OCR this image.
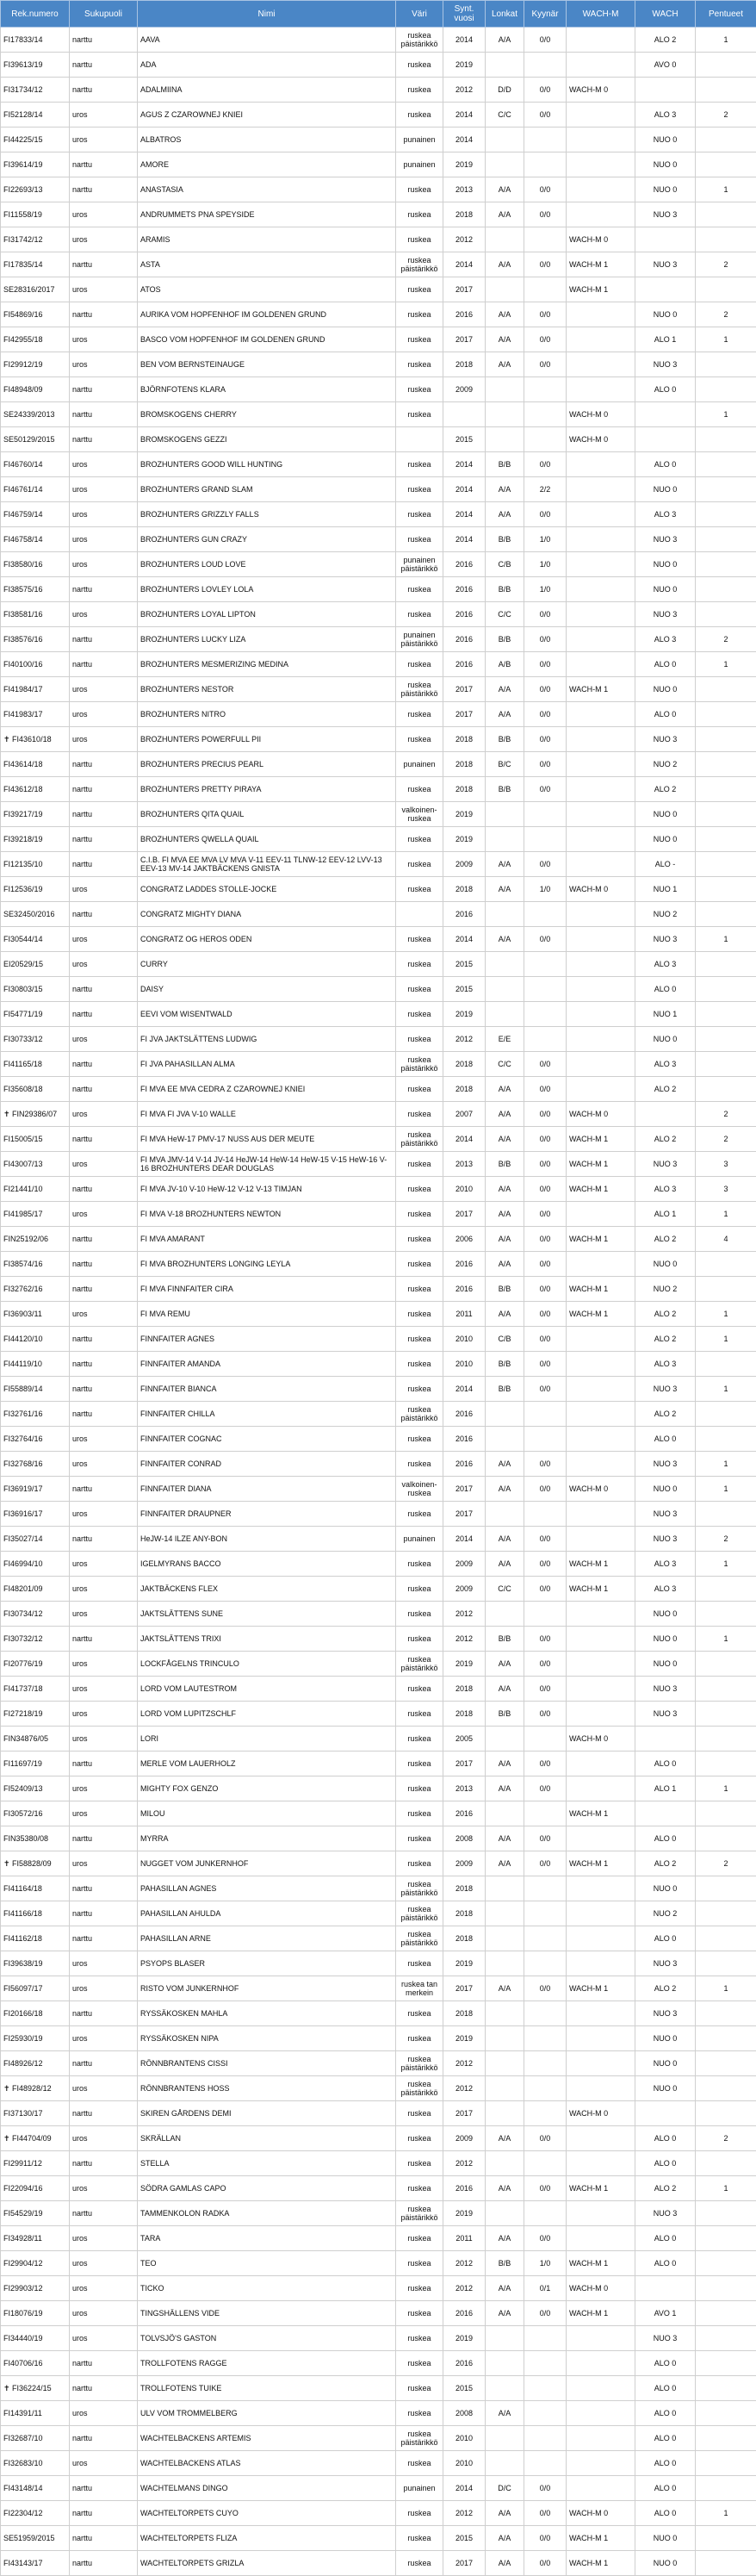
Rek.numero	Sukupuoli	Nimi	Väri	Synt. vuosi	Lonkat	Kyynär	WACH-M	WACH	Pentueet
FI17833/14	narttu	AAVA	ruskea
päistärikkö	2014	A/A	0/0		ALO 2	1
FI39613/19	narttu	ADA	ruskea	2019				AVO 0	
FI31734/12	narttu	ADALMIINA	ruskea	2012	D/D	0/0	WACH-M 0		
FI52128/14	uros	AGUS Z CZAROWNEJ KNIEI	ruskea	2014	C/C	0/0		ALO 3	2
FI44225/15	uros	ALBATROS	punainen	2014				NUO 0	
FI39614/19	narttu	AMORE	punainen	2019				NUO 0	
FI22693/13	narttu	ANASTASIA	ruskea	2013	A/A	0/0		NUO 0	1
FI11558/19	uros	ANDRUMMETS PNA SPEYSIDE	ruskea	2018	A/A	0/0		NUO 3	
FI31742/12	uros	ARAMIS	ruskea	2012			WACH-M 0		
FI17835/14	narttu	ASTA	ruskea
päistärikkö	2014	A/A	0/0	WACH-M 1	NUO 3	2
SE28316/2017	uros	ATOS	ruskea	2017			WACH-M 1		
FI54869/16	narttu	AURIKA VOM HOPFENHOF IM GOLDENEN GRUND	ruskea	2016	A/A	0/0		NUO 0	2
FI42955/18	uros	BASCO VOM HOPFENHOF IM GOLDENEN GRUND	ruskea	2017	A/A	0/0		ALO 1	1
FI29912/19	uros	BEN VOM BERNSTEINAUGE	ruskea	2018	A/A	0/0		NUO 3	
FI48948/09	narttu	BJÖRNFOTENS KLARA	ruskea	2009				ALO 0	
SE24339/2013	narttu	BROMSKOGENS CHERRY	ruskea				WACH-M 0		1
SE50129/2015	narttu	BROMSKOGENS GEZZI		2015			WACH-M 0		
FI46760/14	uros	BROZHUNTERS GOOD WILL HUNTING	ruskea	2014	B/B	0/0		ALO 0	
FI46761/14	uros	BROZHUNTERS GRAND SLAM	ruskea	2014	A/A	2/2		NUO 0	
FI46759/14	uros	BROZHUNTERS GRIZZLY FALLS	ruskea	2014	A/A	0/0		ALO 3	
FI46758/14	uros	BROZHUNTERS GUN CRAZY	ruskea	2014	B/B	1/0		NUO 3	
FI38580/16	uros	BROZHUNTERS LOUD LOVE	punainen
päistärikkö	2016	C/B	1/0		NUO 0	
FI38575/16	narttu	BROZHUNTERS LOVLEY LOLA	ruskea	2016	B/B	1/0		NUO 0	
FI38581/16	uros	BROZHUNTERS LOYAL LIPTON	ruskea	2016	C/C	0/0		NUO 3	
FI38576/16	narttu	BROZHUNTERS LUCKY LIZA	punainen
päistärikkö	2016	B/B	0/0		ALO 3	2
FI40100/16	narttu	BROZHUNTERS MESMERIZING MEDINA	ruskea	2016	A/B	0/0		ALO 0	1
FI41984/17	uros	BROZHUNTERS NESTOR	ruskea
päistärikkö	2017	A/A	0/0	WACH-M 1	NUO 0	
FI41983/17	uros	BROZHUNTERS NITRO	ruskea	2017	A/A	0/0		ALO 0	
✝ FI43610/18	uros	BROZHUNTERS POWERFULL PII	ruskea	2018	B/B	0/0		NUO 3	
FI43614/18	narttu	BROZHUNTERS PRECIUS PEARL	punainen	2018	B/C	0/0		NUO 2	
FI43612/18	narttu	BROZHUNTERS PRETTY PIRAYA	ruskea	2018	B/B	0/0		ALO 2	
FI39217/19	narttu	BROZHUNTERS QITA QUAIL	valkoinen-
ruskea	2019				NUO 0	
FI39218/19	narttu	BROZHUNTERS QWELLA QUAIL	ruskea	2019				NUO 0	
FI12135/10	narttu	C.I.B. FI MVA EE MVA LV MVA V-11 EEV-11 TLNW-12 EEV-12 LVV-13 EEV-13 MV-14 JAKTBÄCKENS GNISTA	ruskea	2009	A/A	0/0		ALO -	
FI12536/19	uros	CONGRATZ LADDES STOLLE-JOCKE	ruskea	2018	A/A	1/0	WACH-M 0	NUO 1	
SE32450/2016	narttu	CONGRATZ MIGHTY DIANA		2016				NUO 2	
FI30544/14	uros	CONGRATZ OG HEROS ODEN	ruskea	2014	A/A	0/0		NUO 3	1
EI20529/15	uros	CURRY	ruskea	2015				ALO 3	
FI30803/15	narttu	DAISY	ruskea	2015				ALO 0	
FI54771/19	narttu	EEVI VOM WISENTWALD	ruskea	2019				NUO 1	
FI30733/12	uros	FI JVA JAKTSLÄTTENS LUDWIG	ruskea	2012	E/E			NUO 0	
FI41165/18	narttu	FI JVA PAHASILLAN ALMA	ruskea
päistärikkö	2018	C/C	0/0		ALO 3	
FI35608/18	narttu	FI MVA EE MVA CEDRA Z CZAROWNEJ KNIEI	ruskea	2018	A/A	0/0		ALO 2	
✝ FIN29386/07	uros	FI MVA FI JVA V-10 WALLE	ruskea	2007	A/A	0/0	WACH-M 0		2
FI15005/15	narttu	FI MVA HeW-17 PMV-17 NUSS AUS DER MEUTE	ruskea
päistärikkö	2014	A/A	0/0	WACH-M 1	ALO 2	2
FI43007/13	uros	FI MVA JMV-14 V-14 JV-14 HeJW-14 HeW-14 HeW-15 V-15 HeW-16 V-16 BROZHUNTERS DEAR DOUGLAS	ruskea	2013	B/B	0/0	WACH-M 1	NUO 3	3
FI21441/10	narttu	FI MVA JV-10 V-10 HeW-12 V-12 V-13 TIMJAN	ruskea	2010	A/A	0/0	WACH-M 1	ALO 3	3
FI41985/17	uros	FI MVA V-18 BROZHUNTERS NEWTON	ruskea	2017	A/A	0/0		ALO 1	1
FIN25192/06	narttu	FI MVA AMARANT	ruskea	2006	A/A	0/0	WACH-M 1	ALO 2	4
FI38574/16	narttu	FI MVA BROZHUNTERS LONGING LEYLA	ruskea	2016	A/A	0/0		NUO 0	
FI32762/16	narttu	FI MVA FINNFAITER CIRA	ruskea	2016	B/B	0/0	WACH-M 1	NUO 2	
FI36903/11	uros	FI MVA REMU	ruskea	2011	A/A	0/0	WACH-M 1	ALO 2	1
FI44120/10	narttu	FINNFAITER AGNES	ruskea	2010	C/B	0/0		ALO 2	1
FI44119/10	narttu	FINNFAITER AMANDA	ruskea	2010	B/B	0/0		ALO 3	
FI55889/14	narttu	FINNFAITER BIANCA	ruskea	2014	B/B	0/0		NUO 3	1
FI32761/16	narttu	FINNFAITER CHILLA	ruskea
päistärikkö	2016				ALO 2	
FI32764/16	uros	FINNFAITER COGNAC	ruskea	2016				ALO 0	
FI32768/16	uros	FINNFAITER CONRAD	ruskea	2016	A/A	0/0		NUO 3	1
FI36919/17	narttu	FINNFAITER DIANA	valkoinen-
ruskea	2017	A/A	0/0	WACH-M 0	NUO 0	1
FI36916/17	uros	FINNFAITER DRAUPNER	ruskea	2017				NUO 3	
FI35027/14	narttu	HeJW-14 ILZE ANY-BON	punainen	2014	A/A	0/0		NUO 3	2
FI46994/10	uros	IGELMYRANS BACCO	ruskea	2009	A/A	0/0	WACH-M 1	ALO 3	1
FI48201/09	uros	JAKTBÄCKENS FLEX	ruskea	2009	C/C	0/0	WACH-M 1	ALO 3	
FI30734/12	uros	JAKTSLÄTTENS SUNE	ruskea	2012				NUO 0	
FI30732/12	narttu	JAKTSLÄTTENS TRIXI	ruskea	2012	B/B	0/0		NUO 0	1
FI20776/19	uros	LOCKFÅGELNS TRINCULO	ruskea
päistärikkö	2019	A/A	0/0		NUO 0	
FI41737/18	uros	LORD VOM LAUTESTROM	ruskea	2018	A/A	0/0		NUO 3	
FI27218/19	uros	LORD VOM LUPITZSCHLF	ruskea	2018	B/B	0/0		NUO 3	
FIN34876/05	uros	LORI	ruskea	2005			WACH-M 0		
FI11697/19	narttu	MERLE VOM LAUERHOLZ	ruskea	2017	A/A	0/0		ALO 0	
FI52409/13	uros	MIGHTY FOX GENZO	ruskea	2013	A/A	0/0		ALO 1	1
FI30572/16	uros	MILOU	ruskea	2016			WACH-M 1		
FIN35380/08	narttu	MYRRA	ruskea	2008	A/A	0/0		ALO 0	
✝ FI58828/09	uros	NUGGET VOM JUNKERNHOF	ruskea	2009	A/A	0/0	WACH-M 1	ALO 2	2
FI41164/18	narttu	PAHASILLAN AGNES	ruskea
päistärikkö	2018				NUO 0	
FI41166/18	narttu	PAHASILLAN AHULDA	ruskea
päistärikkö	2018				NUO 2	
FI41162/18	narttu	PAHASILLAN ARNE	ruskea
päistärikkö	2018				ALO 0	
FI39638/19	uros	PSYOPS BLASER	ruskea	2019				NUO 3	
FI56097/17	uros	RISTO VOM JUNKERNHOF	ruskea tan
merkein	2017	A/A	0/0	WACH-M 1	ALO 2	1
FI20166/18	narttu	RYSSÄKOSKEN MAHLA	ruskea	2018				NUO 3	
FI25930/19	uros	RYSSÄKOSKEN NIPA	ruskea	2019				NUO 0	
FI48926/12	narttu	RÖNNBRANTENS CISSI	ruskea
päistärikkö	2012				NUO 0	
✝ FI48928/12	uros	RÖNNBRANTENS HOSS	ruskea
päistärikkö	2012				NUO 0	
FI37130/17	narttu	SKIREN GÅRDENS DEMI	ruskea	2017			WACH-M 0		
✝ FI44704/09	uros	SKRÄLLAN	ruskea	2009	A/A	0/0		ALO 0	2
FI29911/12	narttu	STELLA	ruskea	2012				ALO 0	
FI22094/16	uros	SÖDRA GAMLAS CAPO	ruskea	2016	A/A	0/0	WACH-M 1	ALO 2	1
FI54529/19	narttu	TAMMENKOLON RADKA	ruskea
päistärikkö	2019				NUO 3	
FI34928/11	uros	TARA	ruskea	2011	A/A	0/0		ALO 0	
FI29904/12	uros	TEO	ruskea	2012	B/B	1/0	WACH-M 1	ALO 0	
FI29903/12	uros	TICKO	ruskea	2012	A/A	0/1	WACH-M 0		
FI18076/19	uros	TINGSHÄLLENS VIDE	ruskea	2016	A/A	0/0	WACH-M 1	AVO 1	
FI34440/19	uros	TOLVSJÖ'S GASTON	ruskea	2019				NUO 3	
FI40706/16	narttu	TROLLFOTENS RAGGE	ruskea	2016				ALO 0	
✝ FI36224/15	narttu	TROLLFOTENS TUIKE	ruskea	2015				ALO 0	
FI14391/11	uros	ULV VOM TROMMELBERG	ruskea	2008	A/A			ALO 0	
FI32687/10	narttu	WACHTELBACKENS ARTEMIS	ruskea
päistärikkö	2010				ALO 0	
FI32683/10	uros	WACHTELBACKENS ATLAS	ruskea	2010				ALO 0	
FI43148/14	narttu	WACHTELMANS DINGO	punainen	2014	D/C	0/0		ALO 0	
FI22304/12	narttu	WACHTELTORPETS CUYO	ruskea	2012	A/A	0/0	WACH-M 0	ALO 0	1
SE51959/2015	narttu	WACHTELTORPETS FLIZA	ruskea	2015	A/A	0/0	WACH-M 1	NUO 0	
FI43143/17	narttu	WACHTELTORPETS GRIZLA	ruskea	2017	A/A	0/0	WACH-M 1	NUO 0	
